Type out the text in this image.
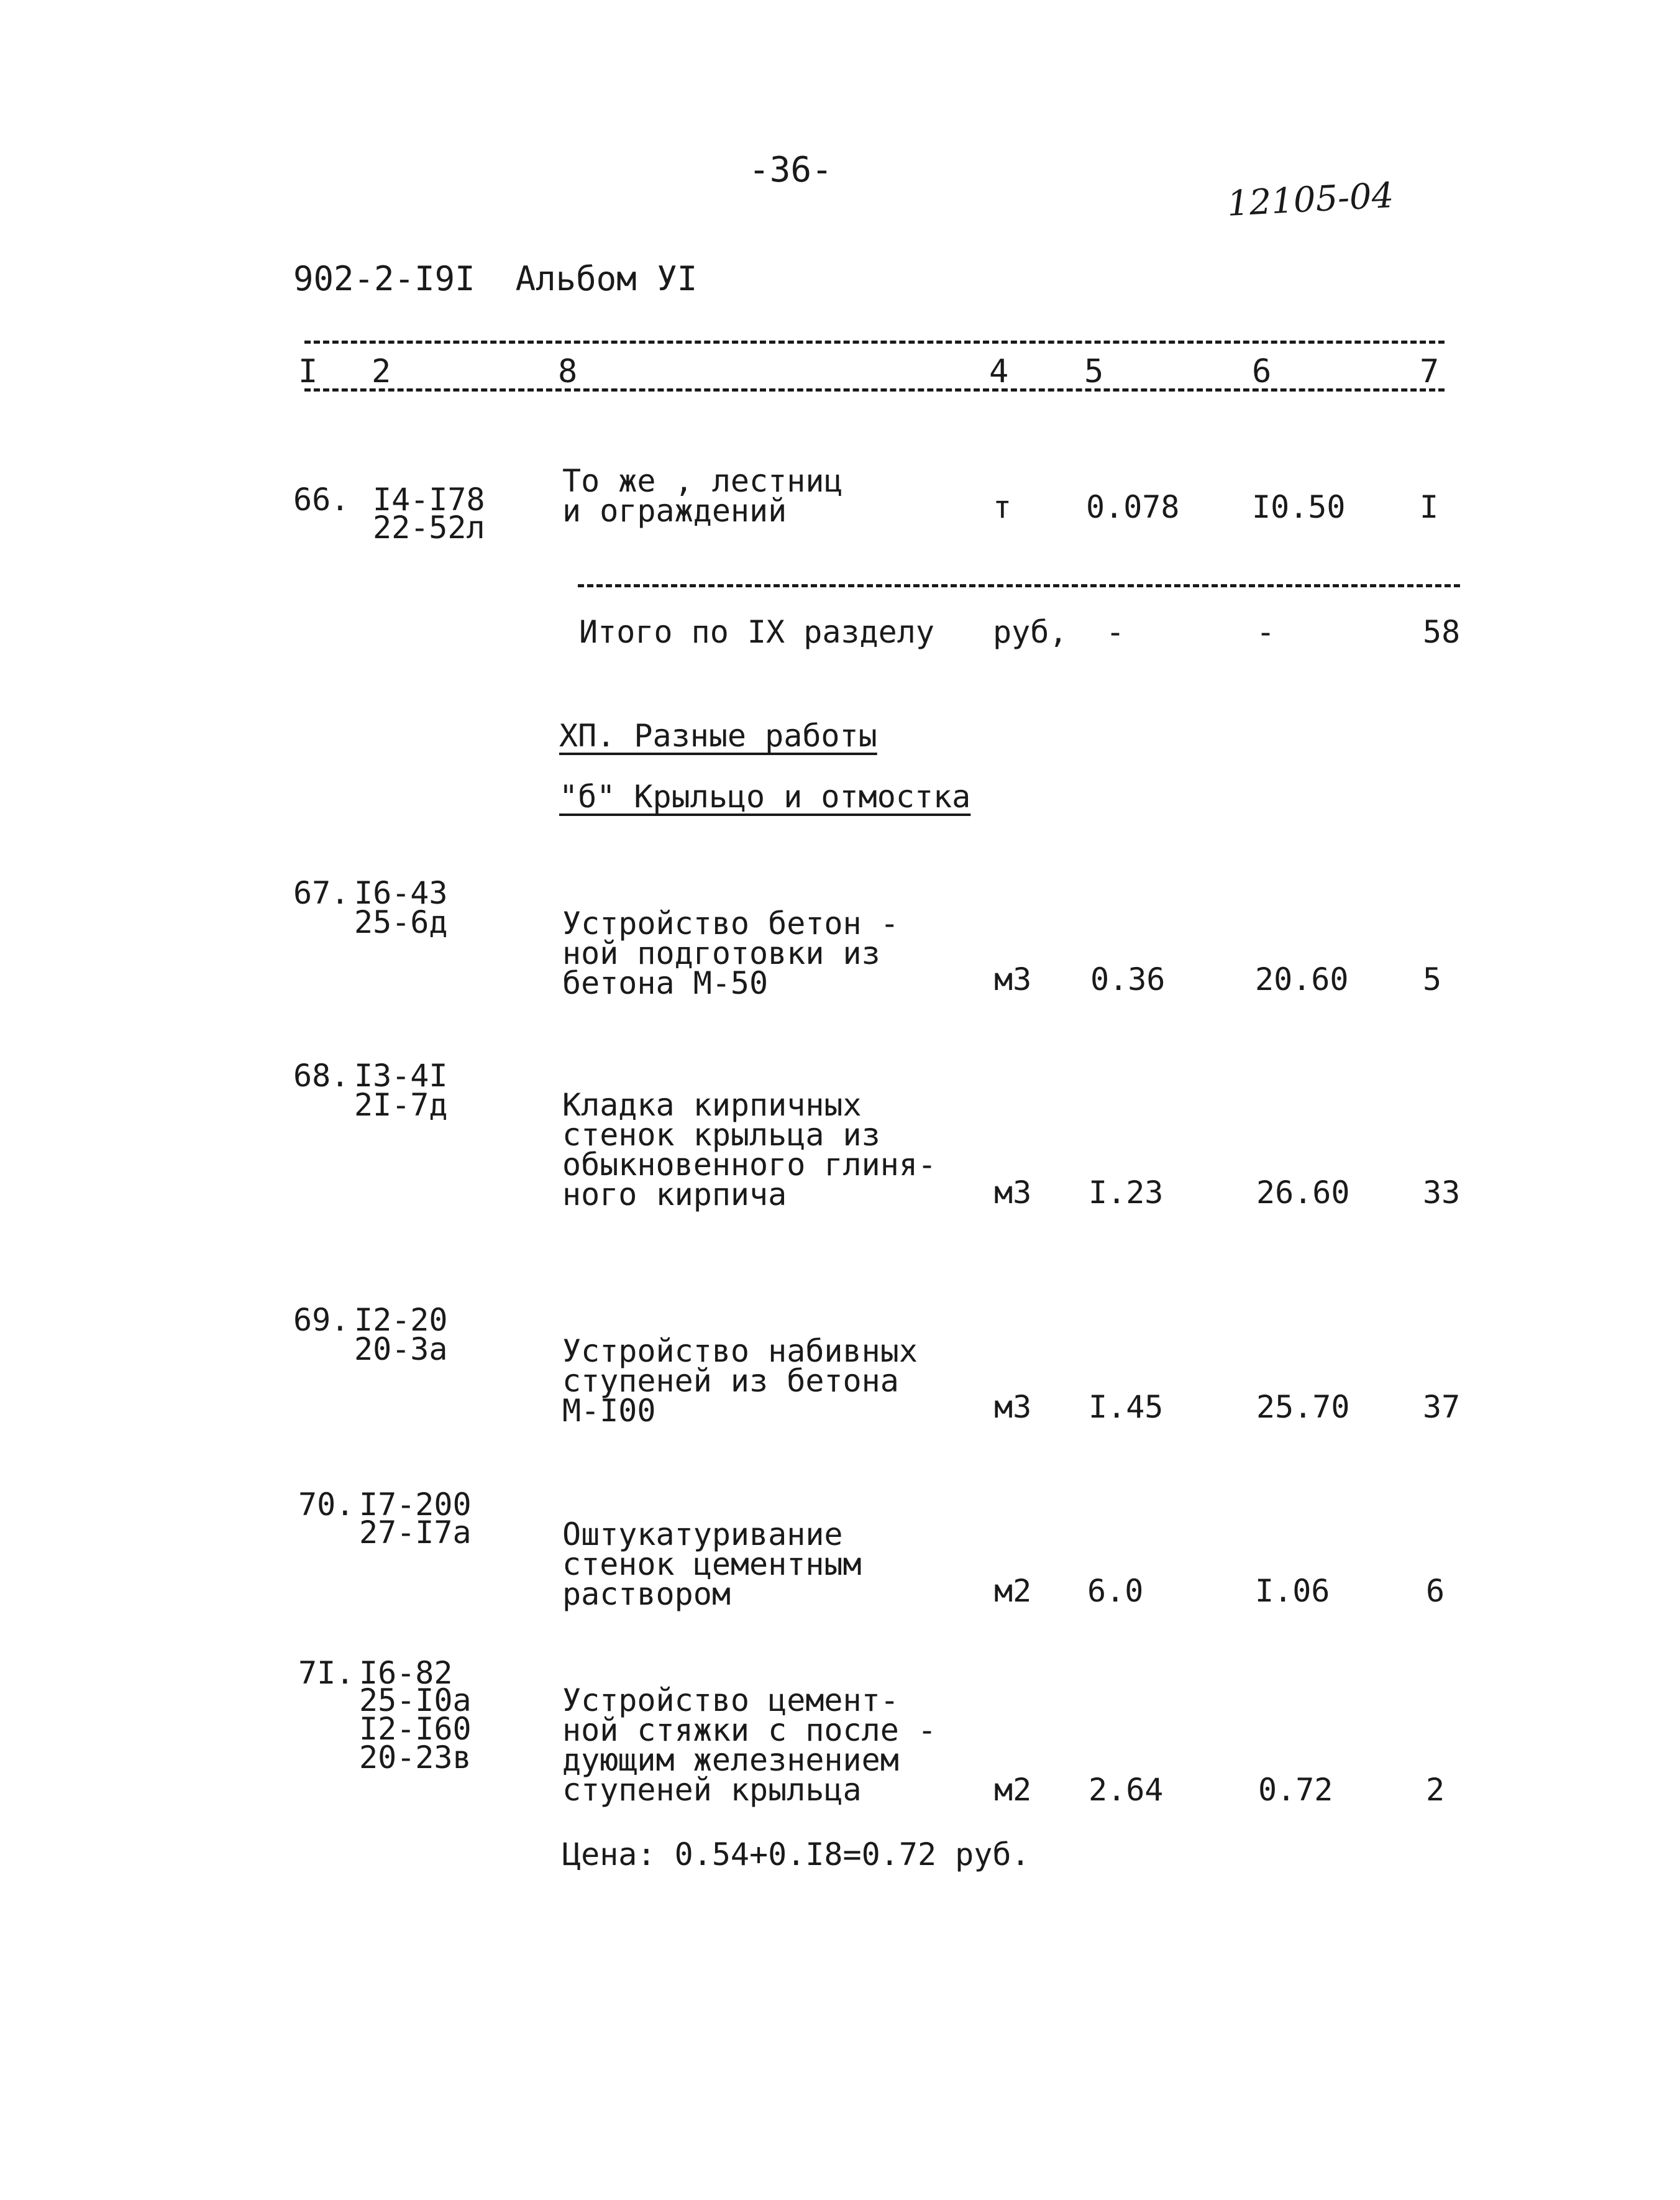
-36-
12105-04
902-2-I9I  Альбом УI
I 2	8	4 5	6	7
66. I4-I78
22-52л
То же , лестниц
и ограждений	т 0.078 I0.50 I
Итого по IX разделу руб, -	-	58
ХП. Разные работы
"б" Крыльцо и отмостка
67. I6-43
25-6д	Устройство бетон -
ной подготовки из
бетона М-50	м3 0.36	20.60 5
68. I3-4I
2I-7д	Кладка кирпичных
стенок крыльца из
обыкновенного глиня-
ного кирпича	м3 I.23	26.60 33
69. I2-20
20-3а	Устройство набивных
ступеней из бетона
М-I00	м3 I.45	25.70 37
70. I7-200
27-I7а	Оштукатуривание
стенок цементным
раствором	м2 6.0	I.06	6
7I. I6-82
25-I0а
I2-I60
20-23в
Устройство цемент-
ной стяжки с после -
дующим железнением
ступеней крыльца	м2 2.64	0.72	2
Цена: 0.54+0.I8=0.72 руб.
